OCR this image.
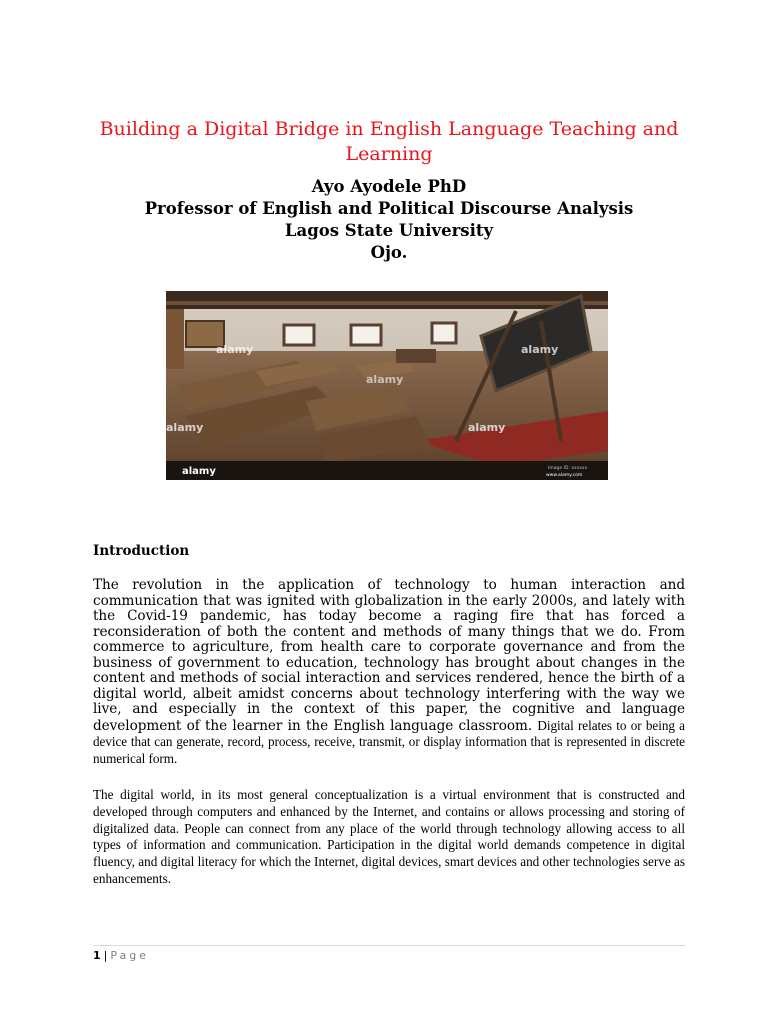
Building a Digital Bridge in English Language Teaching and Learning
Ayo Ayodele PhD
Professor of English and Political Discourse Analysis
Lagos State University
Ojo.
alamy	alamy
alamy	alamy
alamy
alamy	Image ID: xxxxxx
www.alamy.com
Introduction
The revolution in the application of technology to human interaction and communication that was ignited with globalization in the early 2000s, and lately with the Covid-19 pandemic, has today become a raging fire that has forced a reconsideration of both the content and methods of many things that we do. From commerce to agriculture, from health care to corporate governance and from the business of government to education, technology has brought about changes in the content and methods of social interaction and services rendered, hence the birth of a digital world, albeit amidst concerns about technology interfering with the way we live, and especially in the context of this paper, the cognitive and language development of the learner in the English language classroom. Digital relates to or being a device that can generate, record, process, receive, transmit, or display information that is represented in discrete numerical form.
The digital world, in its most general conceptualization is a virtual environment that is constructed and developed through computers and enhanced by the Internet, and contains or allows processing and storing of digitalized data. People can connect from any place of the world through technology allowing access to all types of information and communication. Participation in the digital world demands competence in digital fluency, and digital literacy for which the Internet, digital devices, smart devices and other technologies serve as enhancements.
1 | Page
